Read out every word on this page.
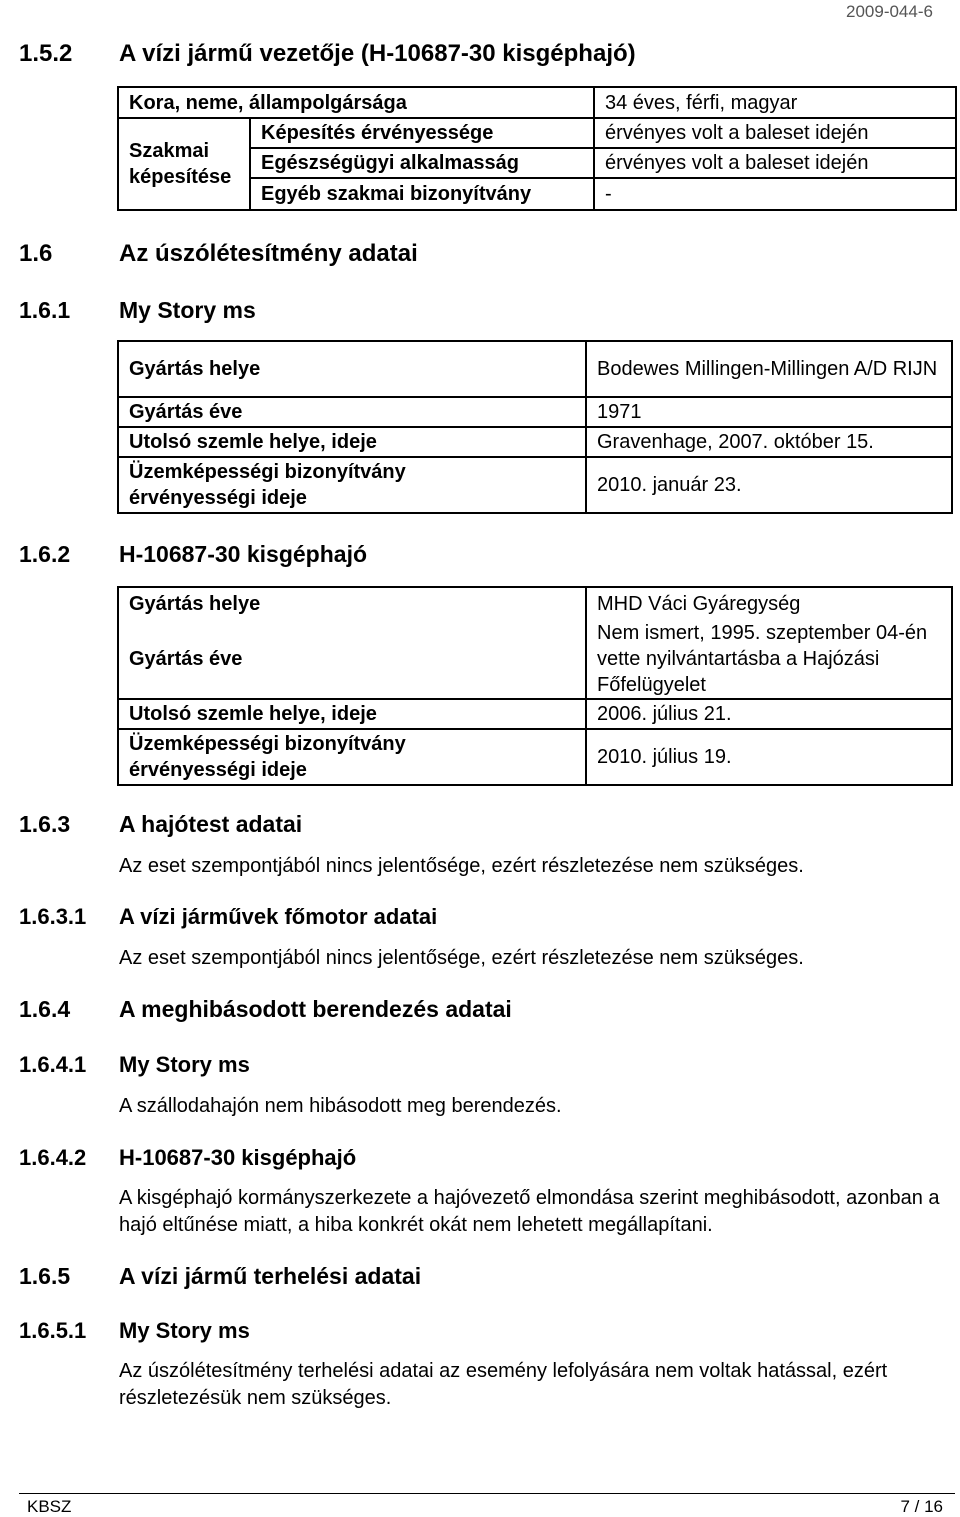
2009-044-6
1.5.2 A vízi jármű vezetője (H-10687-30 kisgéphajó)
Kora, neme, állampolgársága		34 éves, férfi, magyar
Szakmai képesítése	Képesítés érvényessége	érvényes volt a baleset idején
	Egészségügyi alkalmasság	érvényes volt a baleset idején
	Egyéb szakmai bizonyítvány	-
1.6	Az úszólétesítmény adatai
1.6.1 My Story ms
Gyártás helye	Bodewes Millingen-Millingen A/D RIJN
Gyártás éve	1971
Utolsó szemle helye, ideje	Gravenhage, 2007. október 15.
Üzemképességi bizonyítvány érvényességi ideje	2010. január 23.
1.6.2 H-10687-30 kisgéphajó
Gyártás helye	MHD Váci Gyáregység
Gyártás éve	Nem ismert, 1995. szeptember 04-én vette nyilvántartásba a Hajózási Főfelügyelet
Utolsó szemle helye, ideje	2006. július 21.
Üzemképességi bizonyítvány érvényességi ideje	2010. július 19.
1.6.3 A hajótest adatai
Az eset szempontjából nincs jelentősége, ezért részletezése nem szükséges.
1.6.3.1 A vízi járművek főmotor adatai
Az eset szempontjából nincs jelentősége, ezért részletezése nem szükséges.
1.6.4 A meghibásodott berendezés adatai
1.6.4.1 My Story ms
A szállodahajón nem hibásodott meg berendezés.
1.6.4.2 H-10687-30 kisgéphajó
A kisgéphajó kormányszerkezete a hajóvezető elmondása szerint meghibásodott, azonban a hajó eltűnése miatt, a hiba konkrét okát nem lehetett megállapítani.
1.6.5 A vízi jármű terhelési adatai
1.6.5.1 My Story ms
Az úszólétesítmény terhelési adatai az esemény lefolyására nem voltak hatással, ezért részletezésük nem szükséges.
KBSZ	7 / 16
